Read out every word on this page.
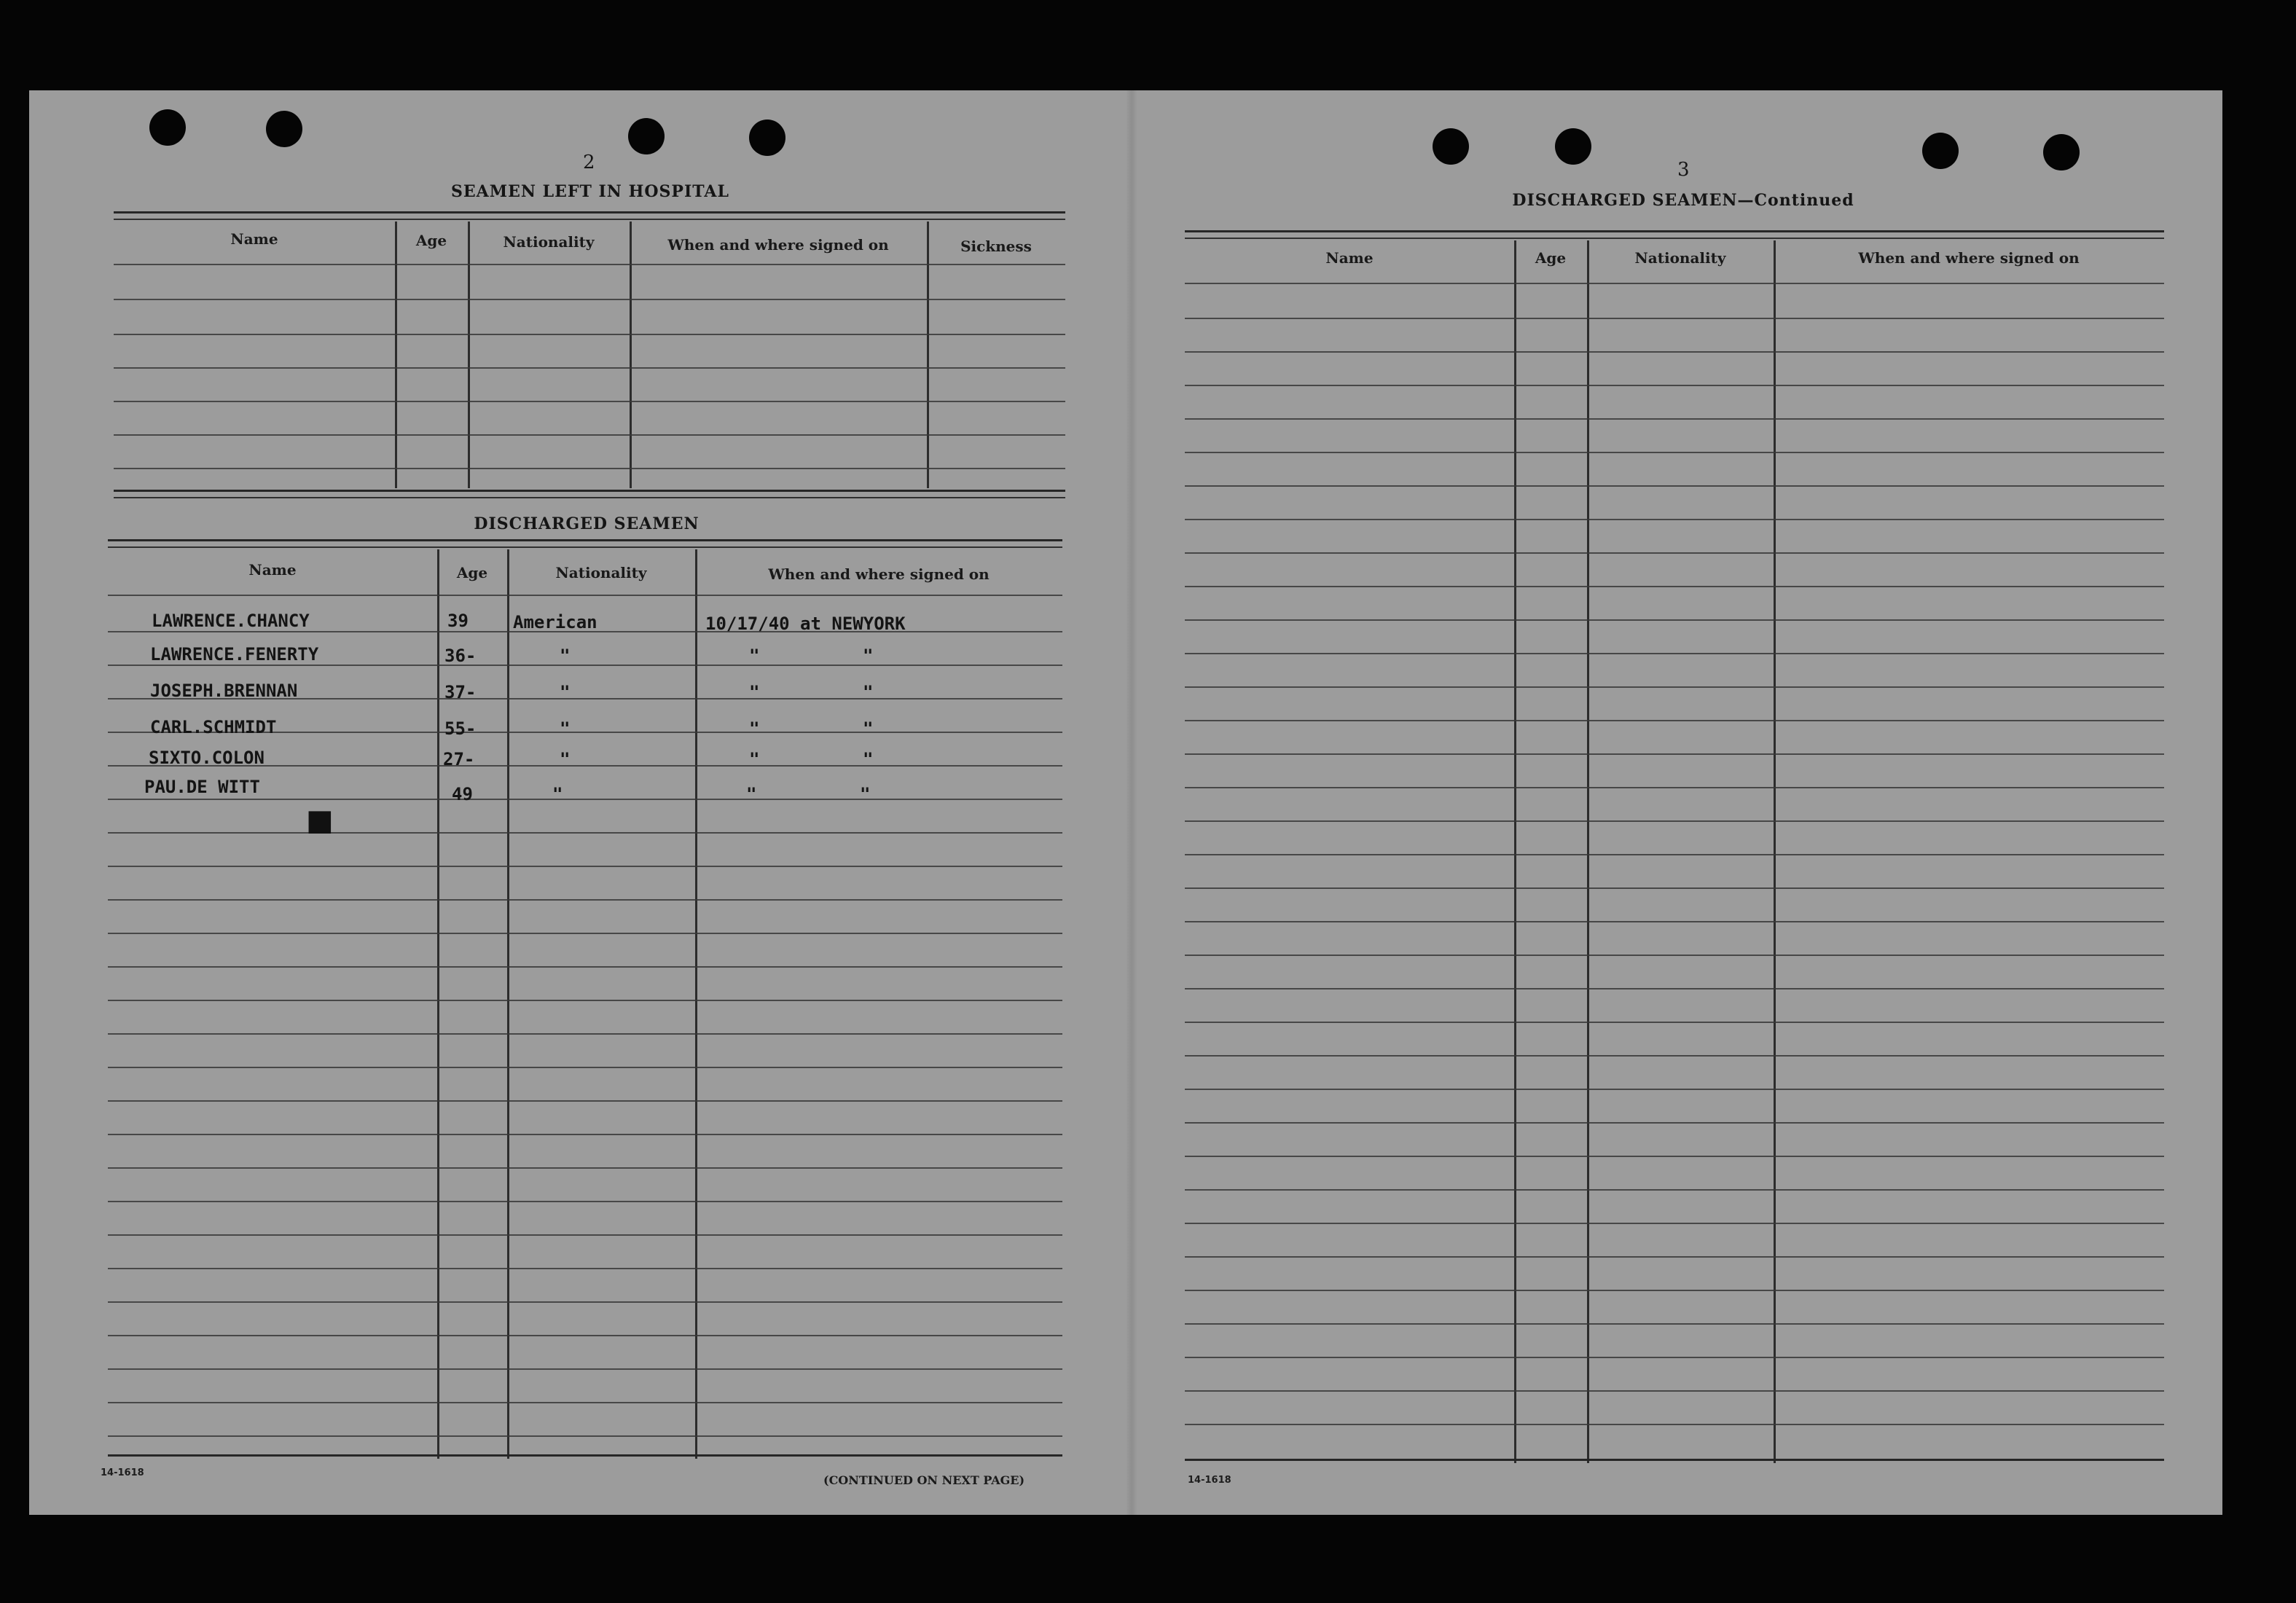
2
SEAMEN LEFT IN HOSPITAL
Name	Age	Nationality	When and where signed on	Sickness
DISCHARGED SEAMEN
Name	Age	Nationality	When and where signed on
LAWRENCE.CHANCY	39	American	10/17/40 at NEWYORK
LAWRENCE.FENERTY	36-	"	"	"
JOSEPH.BRENNAN	37-	"	"	"
CARL.SCHMIDT	55-	"	"	"
SIXTO.COLON	27-	"	"	"
PAU.DE WITT	49	"	"	"
■
14-1618
(CONTINUED ON NEXT PAGE)
3
DISCHARGED SEAMEN—Continued
Name	Age	Nationality	When and where signed on
14-1618
